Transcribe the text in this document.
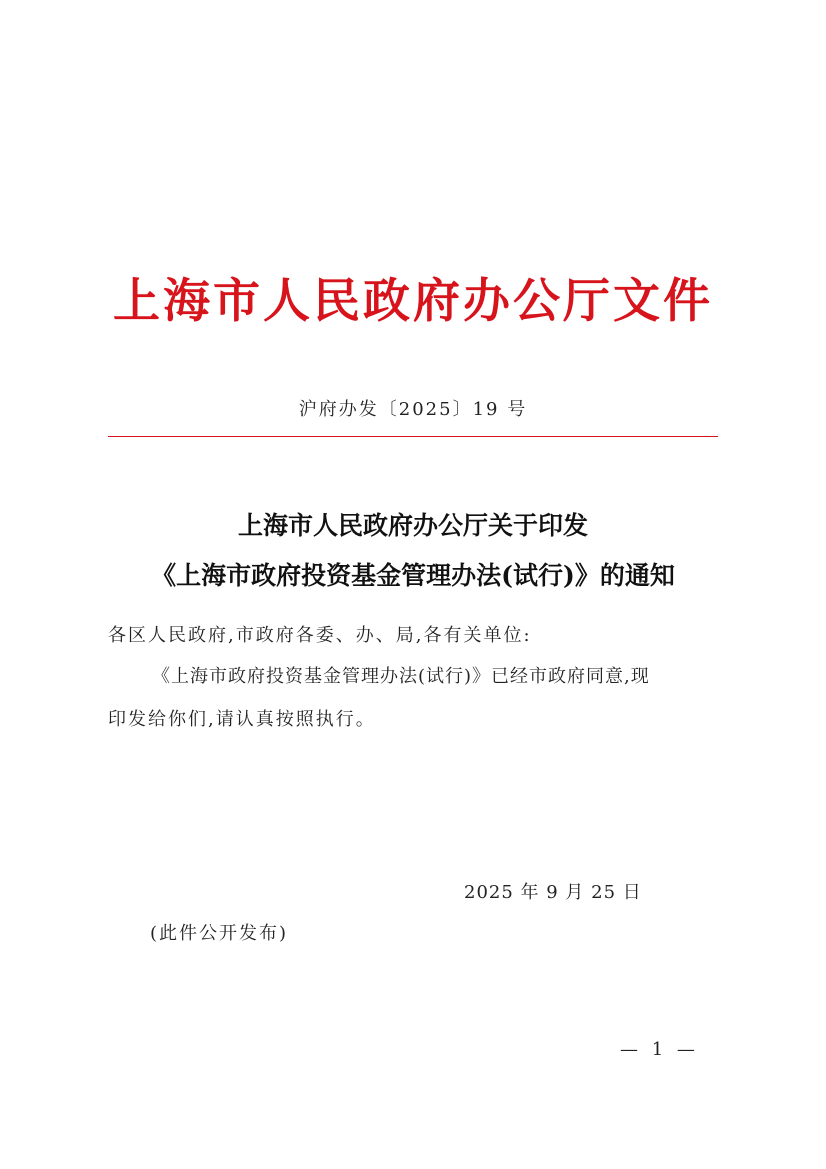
上海市人民政府办公厅文件
沪府办发〔2025〕19 号
上海市人民政府办公厅关于印发
《上海市政府投资基金管理办法(试行)》的通知
各区人民政府,市政府各委、办、局,各有关单位:
《上海市政府投资基金管理办法(试行)》已经市政府同意,现
印发给你们,请认真按照执行。
2025 年 9 月 25 日
(此件公开发布)
— 1 —
